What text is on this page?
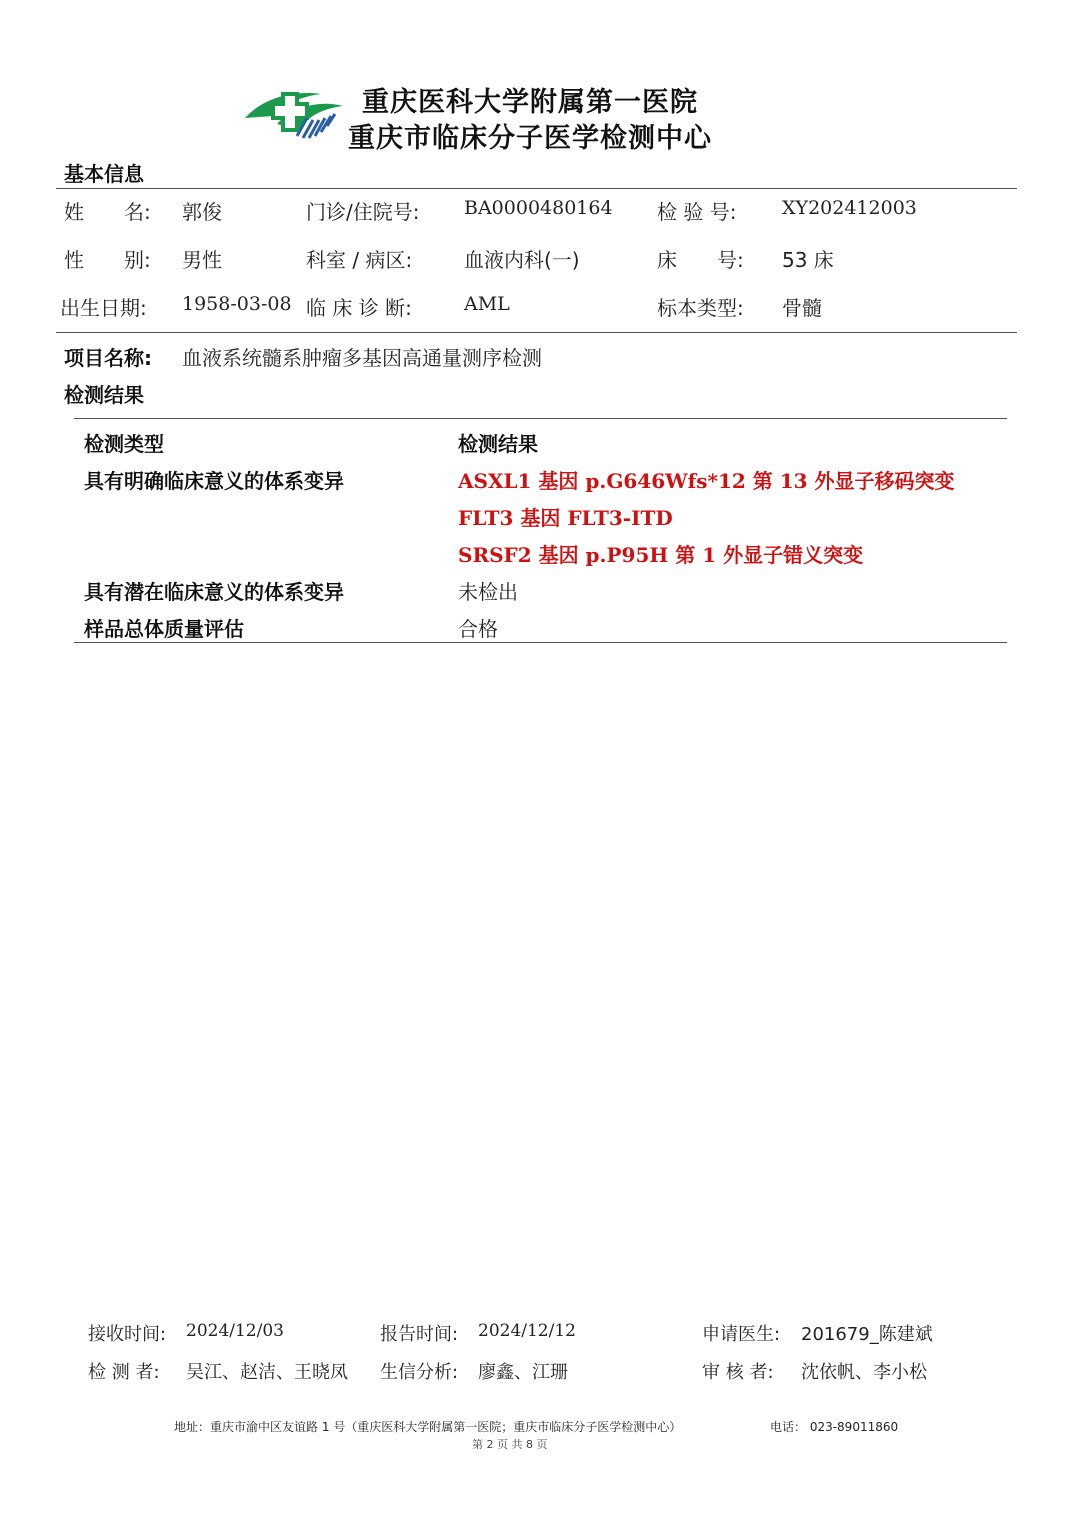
重庆医科大学附属第一医院
重庆市临床分子医学检测中心
基本信息
姓　　名: 郭俊	门诊/住院号: BA0000480164 检 验 号: XY202412003
性　　别: 男性	科室 / 病区:	血液内科(一)	床　　号: 53 床
出生日期: 1958-03-08 临 床 诊 断:	AML	标本类型: 骨髓
项目名称: 血液系统髓系肿瘤多基因高通量测序检测
检测结果
检测类型	检测结果
具有明确临床意义的体系变异	ASXL1 基因 p.G646Wfs*12 第 13 外显子移码突变
FLT3 基因 FLT3-ITD
SRSF2 基因 p.P95H 第 1 外显子错义突变
具有潜在临床意义的体系变异	未检出
样品总体质量评估	合格
接收时间: 2024/12/03	报告时间: 2024/12/12	申请医生: 201679_陈建斌
检 测 者: 吴江、赵洁、王晓凤 生信分析: 廖鑫、江珊	审 核 者: 沈依帆、李小松
地址：重庆市渝中区友谊路 1 号（重庆医科大学附属第一医院；重庆市临床分子医学检测中心）	电话： 023-89011860
第 2 页 共 8 页
